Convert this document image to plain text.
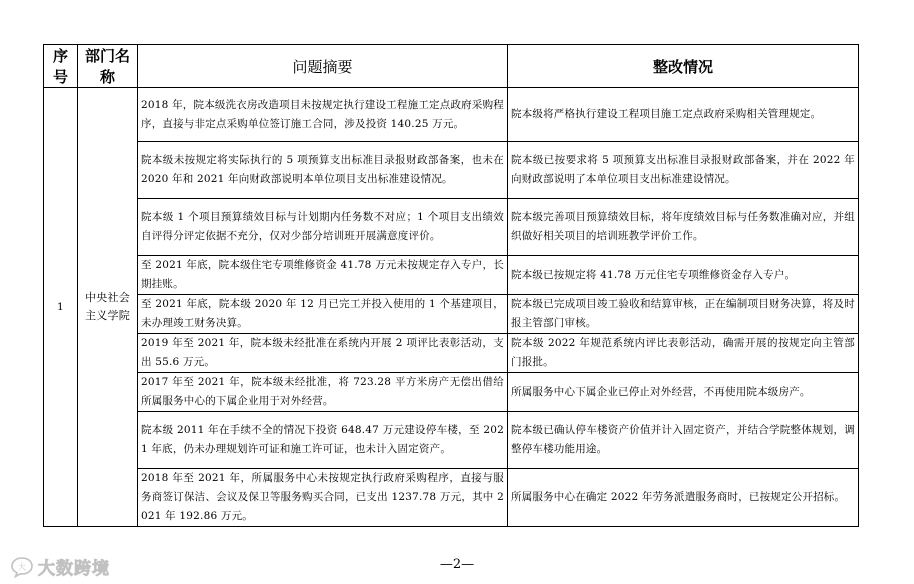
序号	部门名称	问题摘要	整改情况
1	中央社会主义学院	2018 年，院本级洗衣房改造项目未按规定执行建设工程施工定点政府采购程序，直接与非定点采购单位签订施工合同，涉及投资 140.25 万元。	院本级将严格执行建设工程项目施工定点政府采购相关管理规定。
		院本级未按规定将实际执行的 5 项预算支出标准目录报财政部备案，也未在 2020 年和 2021 年向财政部说明本单位项目支出标准建设情况。	院本级已按要求将 5 项预算支出标准目录报财政部备案，并在 2022 年向财政部说明了本单位项目支出标准建设情况。
		院本级 1 个项目预算绩效目标与计划期内任务数不对应；1 个项目支出绩效自评得分评定依据不充分，仅对少部分培训班开展满意度评价。	院本级完善项目预算绩效目标，将年度绩效目标与任务数准确对应，并组织做好相关项目的培训班教学评价工作。
		至 2021 年底，院本级住宅专项维修资金 41.78 万元未按规定存入专户，长期挂账。	院本级已按规定将 41.78 万元住宅专项维修资金存入专户。
		至 2021 年底，院本级 2020 年 12 月已完工并投入使用的 1 个基建项目，未办理竣工财务决算。	院本级已完成项目竣工验收和结算审核，正在编制项目财务决算，将及时报主管部门审核。
		2019 年至 2021 年，院本级未经批准在系统内开展 2 项评比表彰活动，支出 55.6 万元。	院本级 2022 年规范系统内评比表彰活动，确需开展的按规定向主管部门报批。
		2017 年至 2021 年，院本级未经批准，将 723.28 平方米房产无偿出借给所属服务中心的下属企业用于对外经营。	所属服务中心下属企业已停止对外经营，不再使用院本级房产。
		院本级 2011 年在手续不全的情况下投资 648.47 万元建设停车楼，至 2021 年底，仍未办理规划许可证和施工许可证，也未计入固定资产。	院本级已确认停车楼资产价值并计入固定资产，并结合学院整体规划，调整停车楼功能用途。
		2018 年至 2021 年，所属服务中心未按规定执行政府采购程序，直接与服务商签订保洁、会议及保卫等服务购买合同，已支出 1237.78 万元，其中 2021 年 192.86 万元。	所属服务中心在确定 2022 年劳务派遣服务商时，已按规定公开招标。
—2—
大 大数跨境
